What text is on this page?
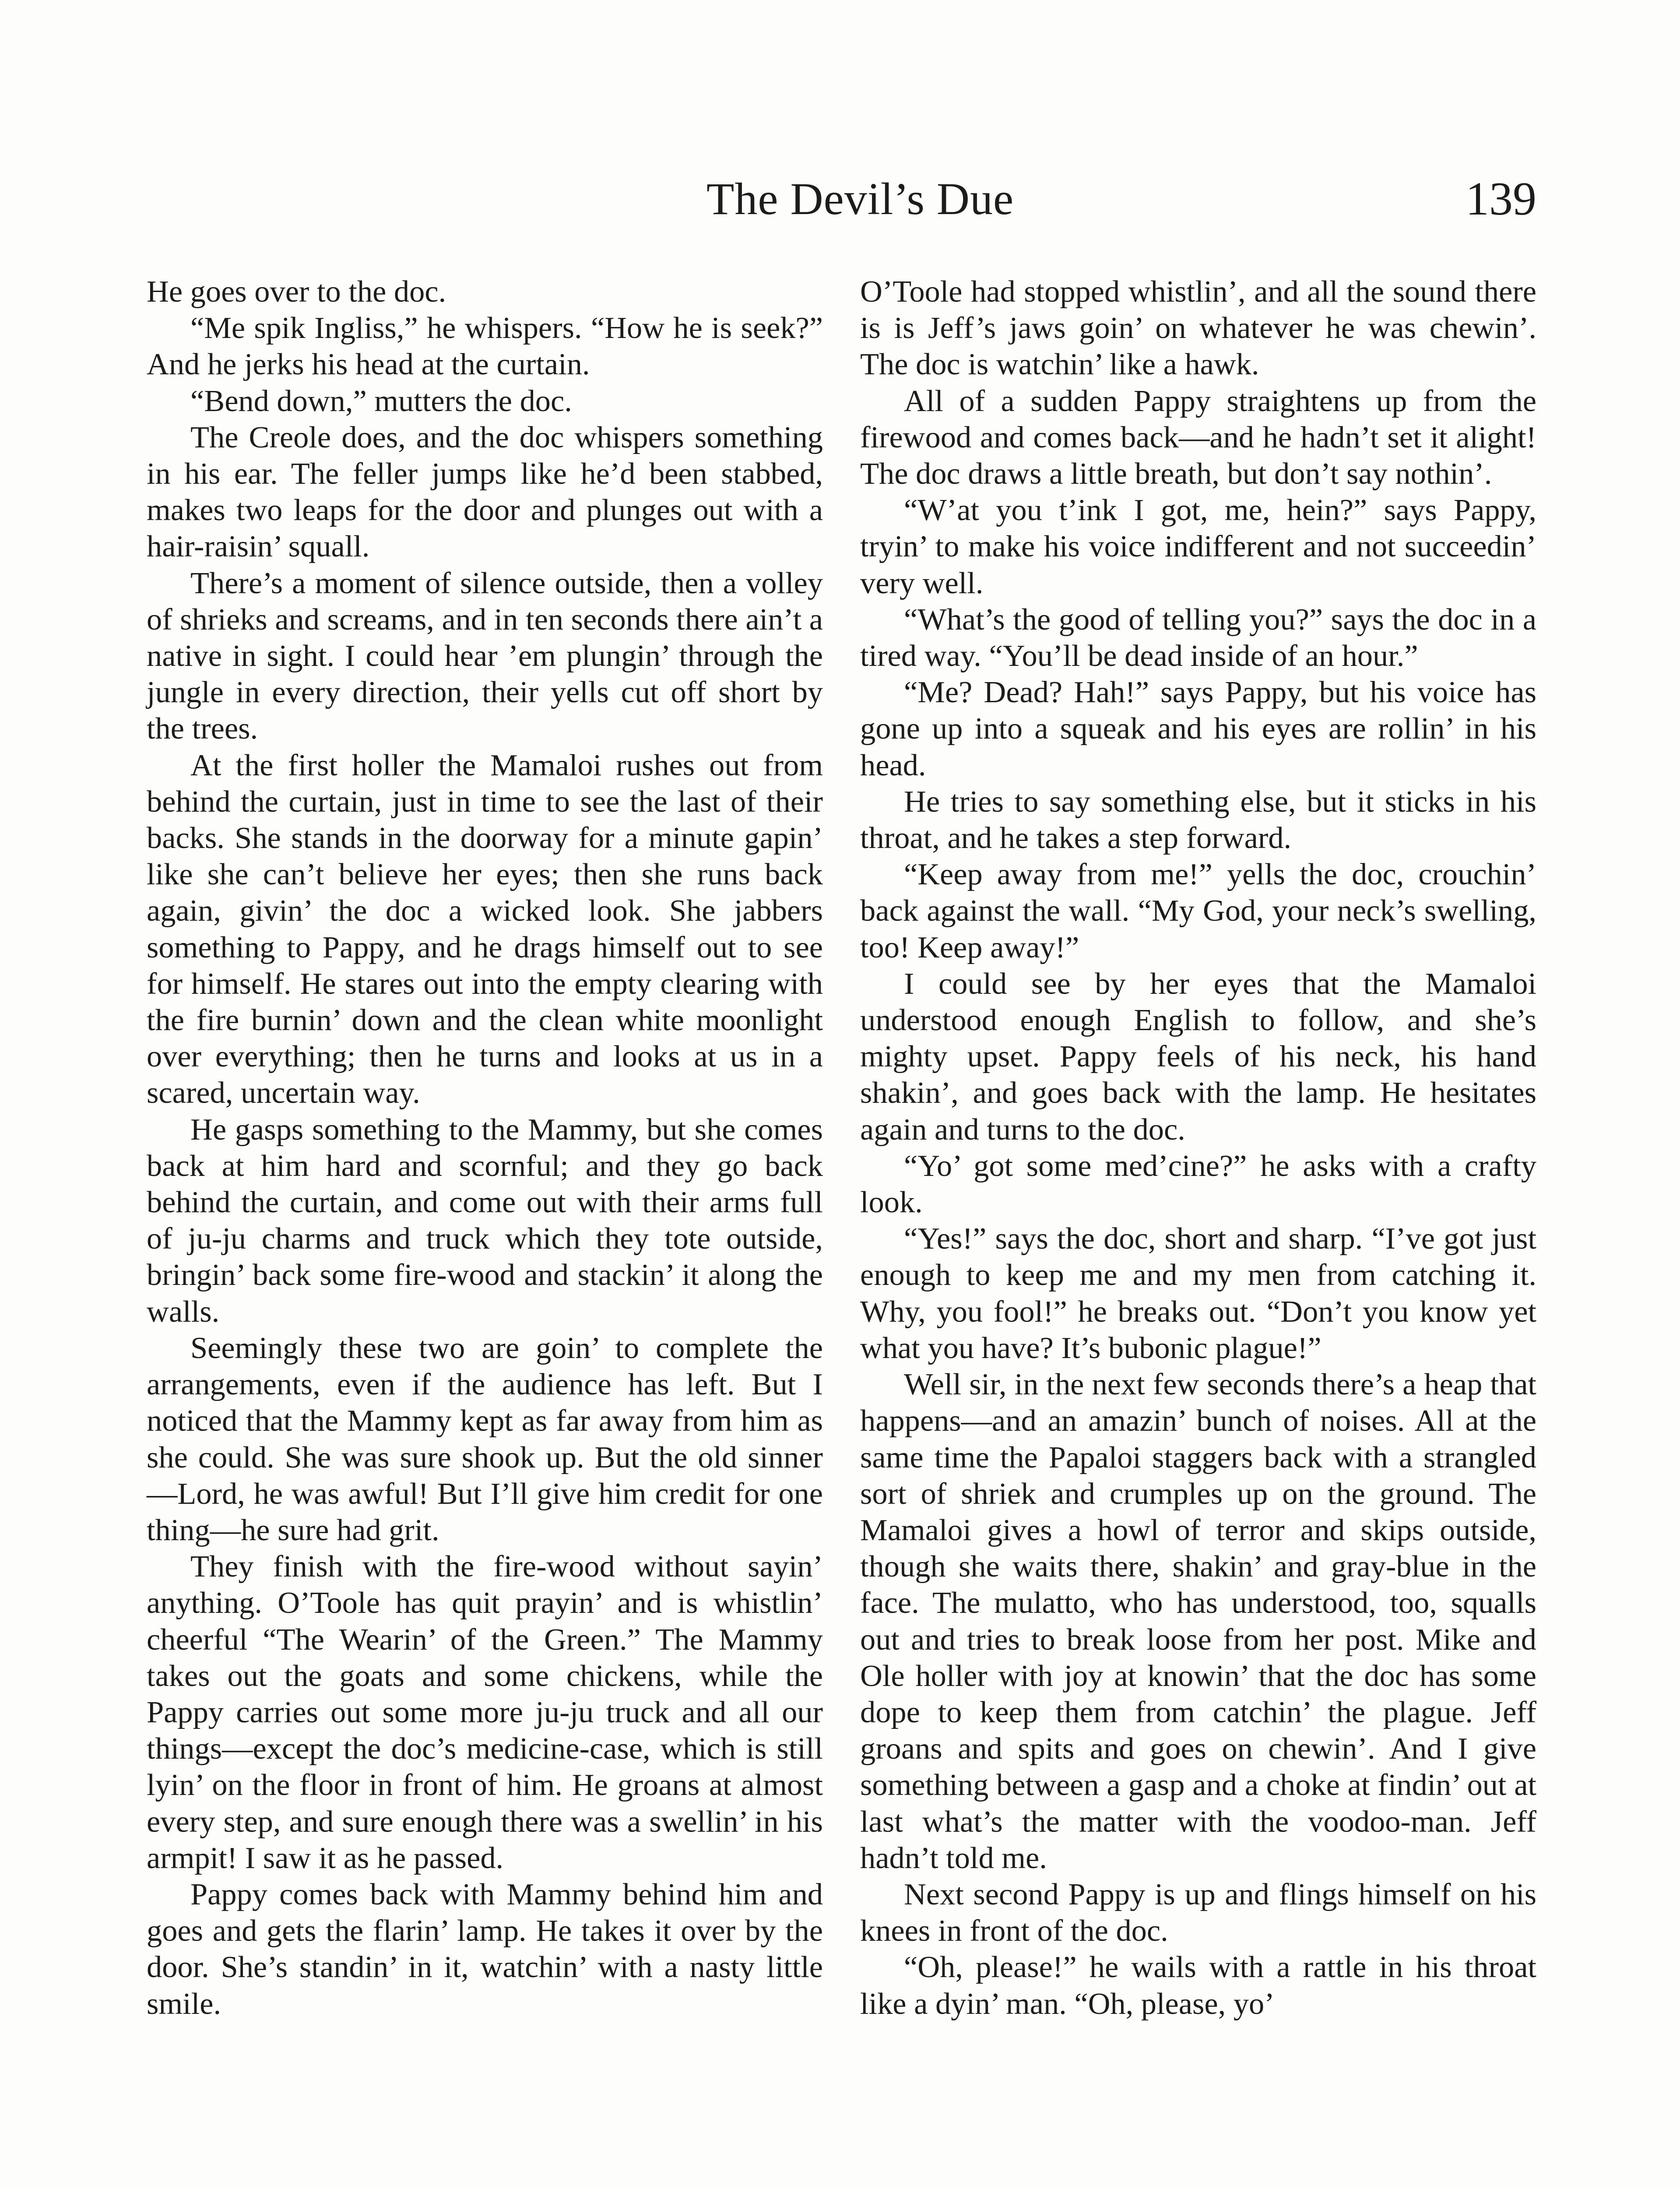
The Devil’s Due	139

He goes over to the doc.

“Me spik Ingliss,” he whispers. “How he is seek?” And he jerks his head at the curtain.

“Bend down,” mutters the doc.

The Creole does, and the doc whispers something in his ear. The feller jumps like he’d been stabbed, makes two leaps for the door and plunges out with a hair-raisin’ squall.

There’s a moment of silence outside, then a volley of shrieks and screams, and in ten seconds there ain’t a native in sight. I could hear ’em plungin’ through the jungle in every direction, their yells cut off short by the trees.

At the first holler the Mamaloi rushes out from behind the curtain, just in time to see the last of their backs. She stands in the doorway for a minute gapin’ like she can’t believe her eyes; then she runs back again, givin’ the doc a wicked look. She jabbers something to Pappy, and he drags himself out to see for himself. He stares out into the empty clearing with the fire burnin’ down and the clean white moonlight over everything; then he turns and looks at us in a scared, uncertain way.

He gasps something to the Mammy, but she comes back at him hard and scornful; and they go back behind the curtain, and come out with their arms full of ju-ju charms and truck which they tote outside, bringin’ back some fire-wood and stackin’ it along the walls.

Seemingly these two are goin’ to complete the arrangements, even if the audience has left. But I noticed that the Mammy kept as far away from him as she could. She was sure shook up. But the old sinner—Lord, he was awful! But I’ll give him credit for one thing—he sure had grit.

They finish with the fire-wood without sayin’ anything. O’Toole has quit prayin’ and is whistlin’ cheerful “The Wearin’ of the Green.” The Mammy takes out the goats and some chickens, while the Pappy carries out some more ju-ju truck and all our things—except the doc’s medicine-case, which is still lyin’ on the floor in front of him. He groans at almost every step, and sure enough there was a swellin’ in his armpit! I saw it as he passed.

Pappy comes back with Mammy behind him and goes and gets the flarin’ lamp. He takes it over by the door. She’s standin’ in it, watchin’ with a nasty little smile.

O’Toole had stopped whistlin’, and all the sound there is is Jeff’s jaws goin’ on whatever he was chewin’. The doc is watchin’ like a hawk.

All of a sudden Pappy straightens up from the firewood and comes back—and he hadn’t set it alight! The doc draws a little breath, but don’t say nothin’.

“W’at you t’ink I got, me, hein?” says Pappy, tryin’ to make his voice indifferent and not succeedin’ very well.

“What’s the good of telling you?” says the doc in a tired way. “You’ll be dead inside of an hour.”

“Me? Dead? Hah!” says Pappy, but his voice has gone up into a squeak and his eyes are rollin’ in his head.

He tries to say something else, but it sticks in his throat, and he takes a step forward.

“Keep away from me!” yells the doc, crouchin’ back against the wall. “My God, your neck’s swelling, too! Keep away!”

I could see by her eyes that the Mamaloi understood enough English to follow, and she’s mighty upset. Pappy feels of his neck, his hand shakin’, and goes back with the lamp. He hesitates again and turns to the doc.

“Yo’ got some med’cine?” he asks with a crafty look.

“Yes!” says the doc, short and sharp. “I’ve got just enough to keep me and my men from catching it. Why, you fool!” he breaks out. “Don’t you know yet what you have? It’s bubonic plague!”

Well sir, in the next few seconds there’s a heap that happens—and an amazin’ bunch of noises. All at the same time the Papaloi staggers back with a strangled sort of shriek and crumples up on the ground. The Mamaloi gives a howl of terror and skips outside, though she waits there, shakin’ and gray-blue in the face. The mulatto, who has understood, too, squalls out and tries to break loose from her post. Mike and Ole holler with joy at knowin’ that the doc has some dope to keep them from catchin’ the plague. Jeff groans and spits and goes on chewin’. And I give something between a gasp and a choke at findin’ out at last what’s the matter with the voodoo-man. Jeff hadn’t told me.

Next second Pappy is up and flings himself on his knees in front of the doc.

“Oh, please!” he wails with a rattle in his throat like a dyin’ man. “Oh, please, yo’
